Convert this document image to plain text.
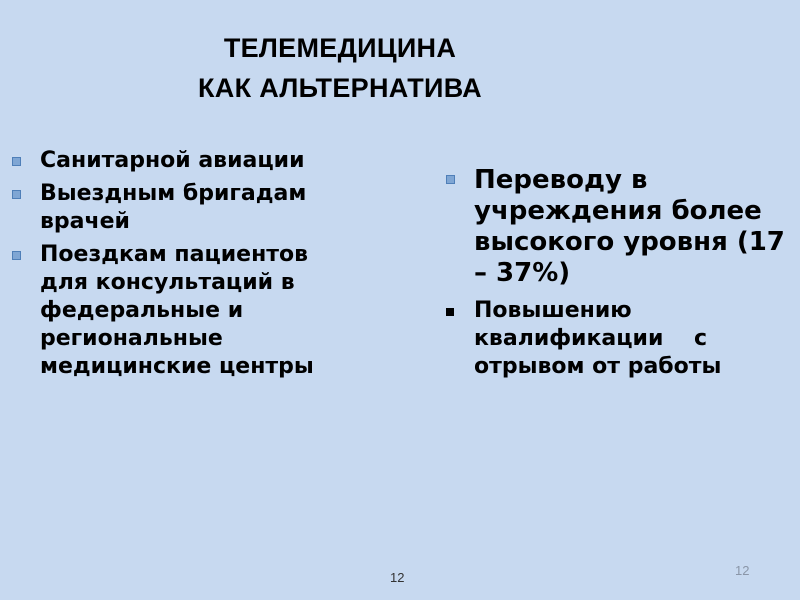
ТЕЛЕМЕДИЦИНА
КАК АЛЬТЕРНАТИВА
Санитарной авиации
Выездным бригадам врачей
Поездкам пациентов для консультаций в федеральные и региональные медицинские центры
Переводу в учреждения более высокого уровня (17 – 37%)
Повышению квалификации    с отрывом от работы
12	12
